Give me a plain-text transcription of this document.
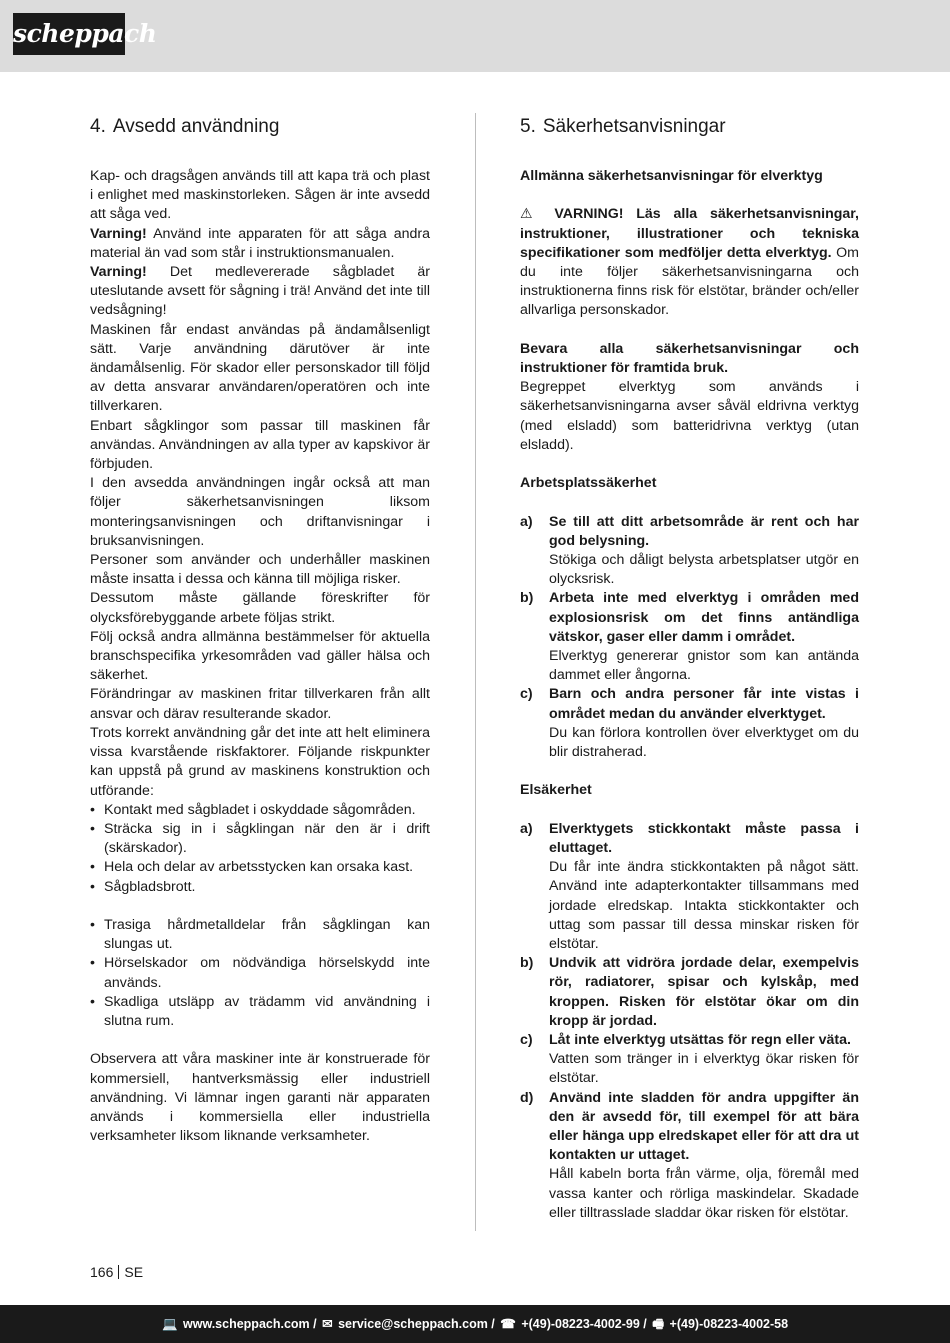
scheppach
4. Avsedd användning

Kap- och dragsågen används till att kapa trä och plast i enlighet med maskinstorleken. Sågen är inte avsedd att såga ved.

Varning! Använd inte apparaten för att såga andra material än vad som står i instruktionsmanualen.

Varning! Det medlevererade sågbladet är uteslutande avsett för sågning i trä! Använd det inte till vedsågning!

Maskinen får endast användas på ändamålsenligt sätt. Varje användning därutöver är inte ändamålsenlig. För skador eller personskador till följd av detta ansvarar användaren/operatören och inte tillverkaren.

Enbart sågklingor som passar till maskinen får användas. Användningen av alla typer av kapskivor är förbjuden.

I den avsedda användningen ingår också att man följer säkerhetsanvisningen liksom monteringsanvisningen och driftanvisningar i bruksanvisningen.

Personer som använder och underhåller maskinen måste insatta i dessa och känna till möjliga risker.

Dessutom måste gällande föreskrifter för olycksförebyggande arbete följas strikt.

Följ också andra allmänna bestämmelser för aktuella branschspecifika yrkesområden vad gäller hälsa och säkerhet.

Förändringar av maskinen fritar tillverkaren från allt ansvar och därav resulterande skador.

Trots korrekt användning går det inte att helt eliminera vissa kvarstående riskfaktorer. Följande riskpunkter kan uppstå på grund av maskinens konstruktion och utförande:

• Kontakt med sågbladet i oskyddade sågområden.
• Sträcka sig in i sågklingan när den är i drift (skärskador).
• Hela och delar av arbetsstycken kan orsaka kast.
• Sågbladsbrott.
• Trasiga hårdmetalldelar från sågklingan kan slungas ut.
• Hörselskador om nödvändiga hörselskydd inte används.
• Skadliga utsläpp av trädamm vid användning i slutna rum.

Observera att våra maskiner inte är konstruerade för kommersiell, hantverksmässig eller industriell användning. Vi lämnar ingen garanti när apparaten används i kommersiella eller industriella verksamheter liksom liknande verksamheter.

5. Säkerhetsanvisningar

Allmänna säkerhetsanvisningar för elverktyg

⚠ VARNING! Läs alla säkerhetsanvisningar, instruktioner, illustrationer och tekniska specifikationer som medföljer detta elverktyg. Om du inte följer säkerhetsanvisningarna och instruktionerna finns risk för elstötar, bränder och/eller allvarliga personskador.

Bevara alla säkerhetsanvisningar och instruktioner för framtida bruk.

Begreppet elverktyg som används i säkerhetsanvisningarna avser såväl eldrivna verktyg (med elsladd) som batteridrivna verktyg (utan elsladd).

Arbetsplatssäkerhet

a) Se till att ditt arbetsområde är rent och har god belysning.
Stökiga och dåligt belysta arbetsplatser utgör en olycksrisk.
b) Arbeta inte med elverktyg i områden med explosionsrisk om det finns antändliga vätskor, gaser eller damm i området.
Elverktyg genererar gnistor som kan antända dammet eller ångorna.
c) Barn och andra personer får inte vistas i området medan du använder elverktyget.
Du kan förlora kontrollen över elverktyget om du blir distraherad.

Elsäkerhet

a) Elverktygets stickkontakt måste passa i eluttaget.
Du får inte ändra stickkontakten på något sätt. Använd inte adapterkontakter tillsammans med jordade elredskap. Intakta stickkontakter och uttag som passar till dessa minskar risken för elstötar.
b) Undvik att vidröra jordade delar, exempelvis rör, radiatorer, spisar och kylskåp, med kroppen. Risken för elstötar ökar om din kropp är jordad.
c) Låt inte elverktyg utsättas för regn eller väta.
Vatten som tränger in i elverktyg ökar risken för elstötar.
d) Använd inte sladden för andra uppgifter än den är avsedd för, till exempel för att bära eller hänga upp elredskapet eller för att dra ut kontakten ur uttaget.
Håll kabeln borta från värme, olja, föremål med vassa kanter och rörliga maskindelar. Skadade eller tilltrasslade sladdar ökar risken för elstötar.
166 SE
💻 www.scheppach.com / ✉ service@scheppach.com / ☎ +(49)-08223-4002-99 / 🖷 +(49)-08223-4002-58
